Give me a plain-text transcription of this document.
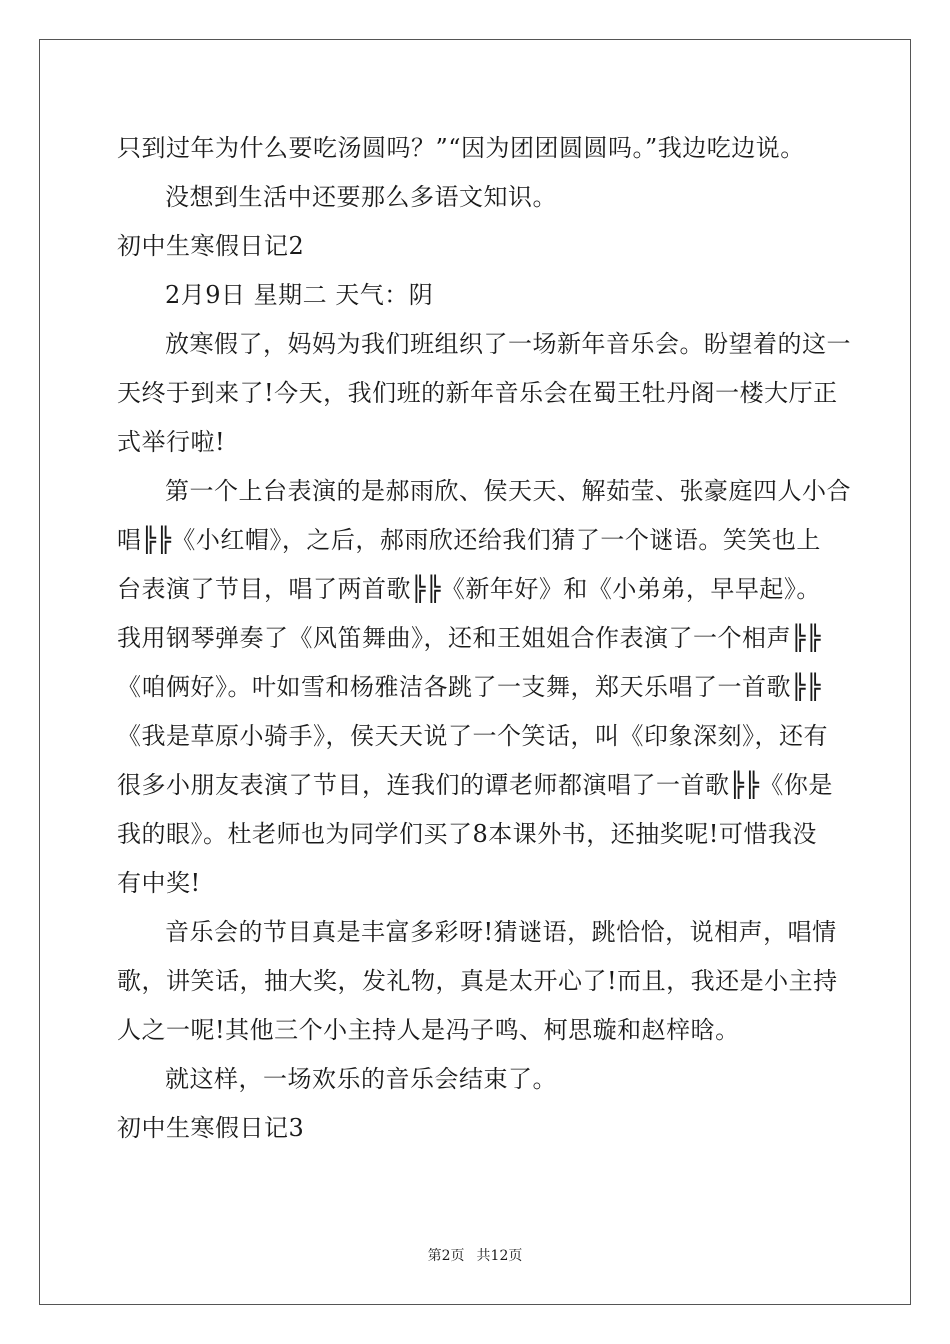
只到过年为什么要吃汤圆吗？”“因为团团圆圆吗。”我边吃边说。
没想到生活中还要那么多语文知识。
初中生寒假日记2
2月9日 星期二 天气：阴
放寒假了，妈妈为我们班组织了一场新年音乐会。盼望着的这一
天终于到来了!今天，我们班的新年音乐会在蜀王牡丹阁一楼大厅正
式举行啦!
第一个上台表演的是郝雨欣、侯天天、解茹莹、张豪庭四人小合
唱╠╠《小红帽》，之后，郝雨欣还给我们猜了一个谜语。笑笑也上
台表演了节目，唱了两首歌╠╠《新年好》和《小弟弟，早早起》。
我用钢琴弹奏了《风笛舞曲》，还和王姐姐合作表演了一个相声╠╠
《咱俩好》。叶如雪和杨雅洁各跳了一支舞，郑天乐唱了一首歌╠╠
《我是草原小骑手》，侯天天说了一个笑话，叫《印象深刻》，还有
很多小朋友表演了节目，连我们的谭老师都演唱了一首歌╠╠《你是
我的眼》。杜老师也为同学们买了8本课外书，还抽奖呢!可惜我没
有中奖!
音乐会的节目真是丰富多彩呀!猜谜语，跳恰恰，说相声，唱情
歌，讲笑话，抽大奖，发礼物，真是太开心了!而且，我还是小主持
人之一呢!其他三个小主持人是冯子鸣、柯思璇和赵梓晗。
就这样，一场欢乐的音乐会结束了。
初中生寒假日记3
第2页 共12页
